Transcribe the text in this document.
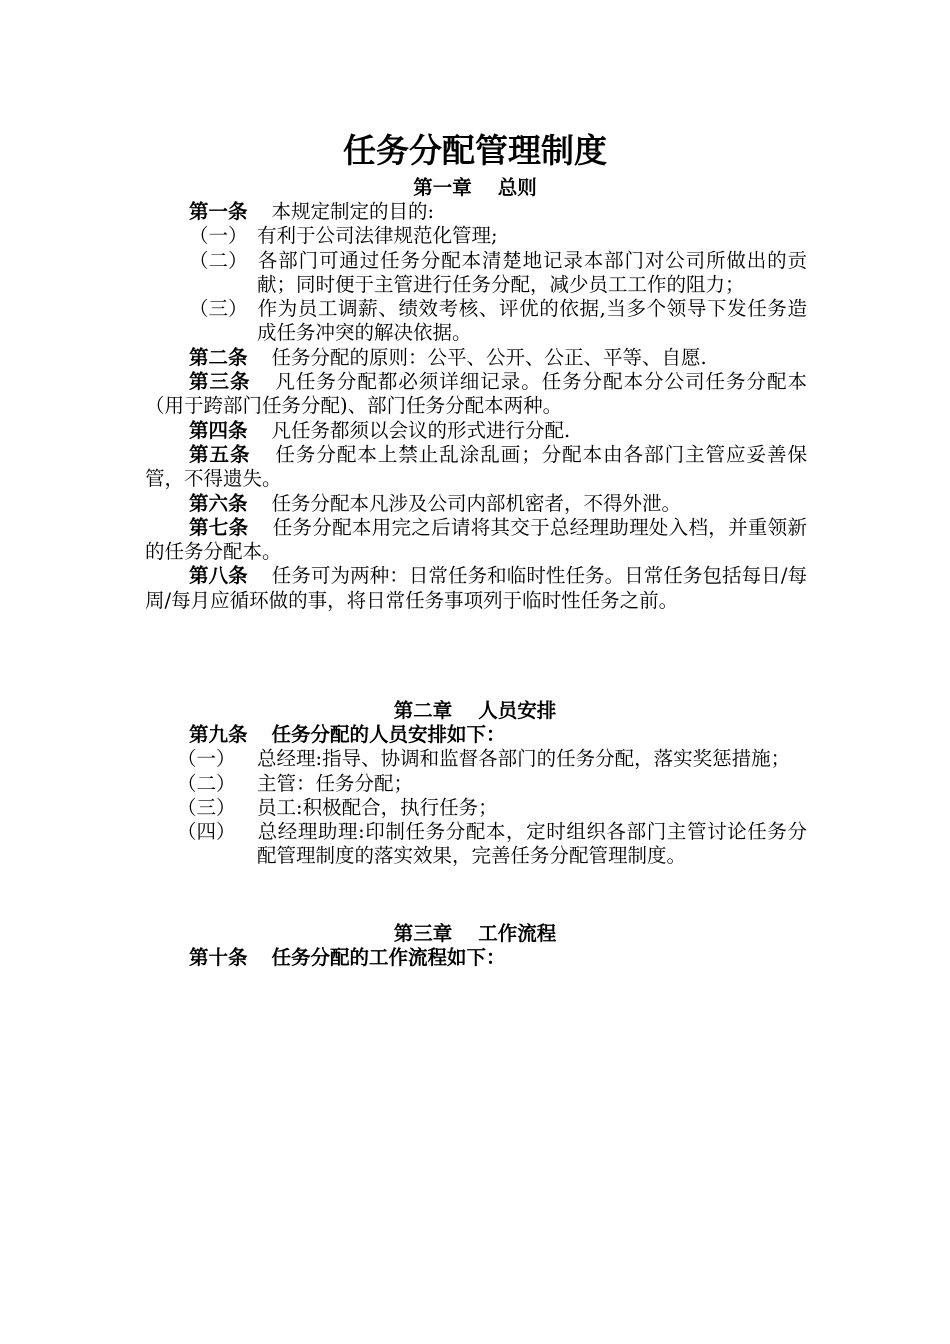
任务分配管理制度
第一章 总则

第一条 本规定制定的目的:

（一） 有利于公司法律规范化管理;

（二） 各部门可通过任务分配本清楚地记录本部门对公司所做出的贡献；同时便于主管进行任务分配，减少员工工作的阻力；

（三） 作为员工调薪、绩效考核、评优的依据,当多个领导下发任务造成任务冲突的解决依据。

第二条 任务分配的原则：公平、公开、公正、平等、自愿.

第三条 凡任务分配都必须详细记录。任务分配本分公司任务分配本（用于跨部门任务分配)、部门任务分配本两种。

第四条 凡任务都须以会议的形式进行分配.

第五条 任务分配本上禁止乱涂乱画；分配本由各部门主管应妥善保管，不得遗失。

第六条 任务分配本凡涉及公司内部机密者，不得外泄。

第七条 任务分配本用完之后请将其交于总经理助理处入档，并重领新的任务分配本。

第八条 任务可为两种：日常任务和临时性任务。日常任务包括每日/每周/每月应循环做的事，将日常任务事项列于临时性任务之前。

第二章 人员安排

第九条 任务分配的人员安排如下：

（一） 总经理:指导、协调和监督各部门的任务分配，落实奖惩措施；

（二） 主管：任务分配；

（三） 员工:积极配合，执行任务；

（四） 总经理助理:印制任务分配本，定时组织各部门主管讨论任务分配管理制度的落实效果，完善任务分配管理制度。

第三章 工作流程

第十条 任务分配的工作流程如下：
